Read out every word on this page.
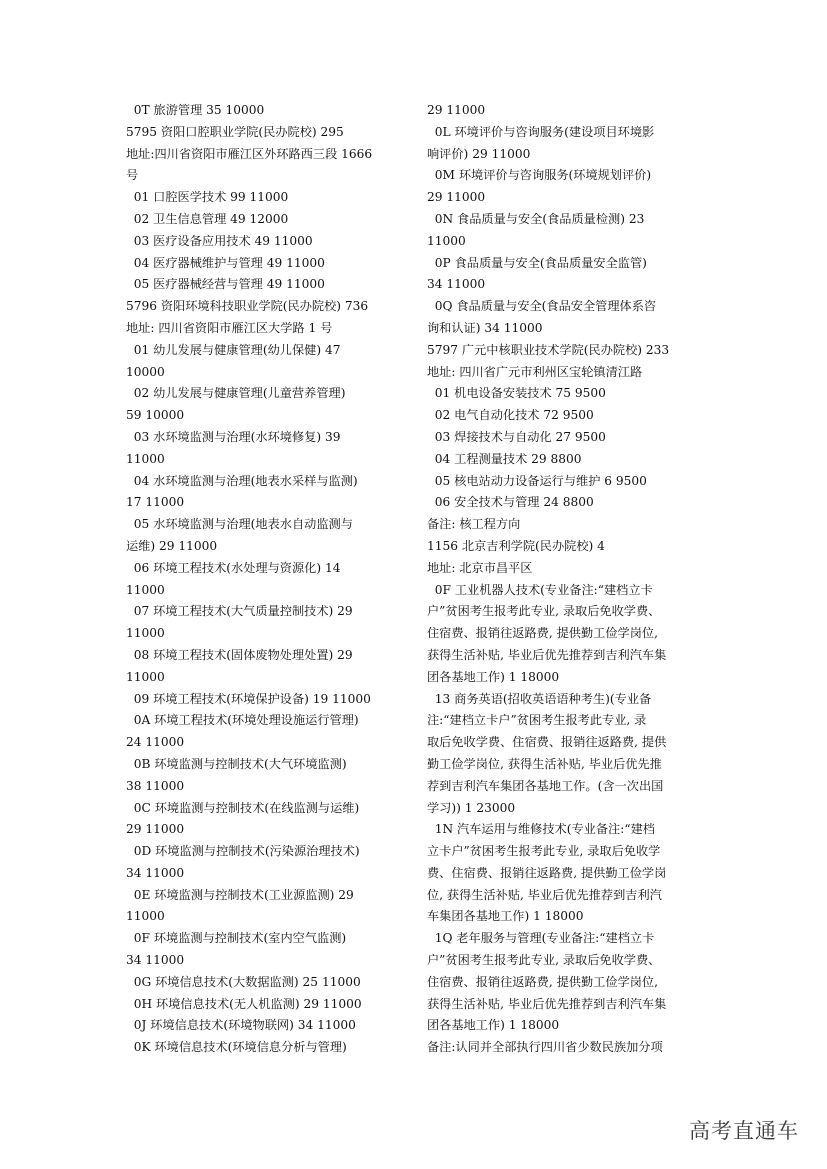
0T 旅游管理 35 10000
5795 资阳口腔职业学院(民办院校) 295
地址:四川省资阳市雁江区外环路西三段 1666
号
01 口腔医学技术 99 11000
02 卫生信息管理 49 12000
03 医疗设备应用技术 49 11000
04 医疗器械维护与管理 49 11000
05 医疗器械经营与管理 49 11000
5796 资阳环境科技职业学院(民办院校) 736
地址: 四川省资阳市雁江区大学路 1 号
01 幼儿发展与健康管理(幼儿保健) 47
10000
02 幼儿发展与健康管理(儿童营养管理)
59 10000
03 水环境监测与治理(水环境修复) 39
11000
04 水环境监测与治理(地表水采样与监测)
17 11000
05 水环境监测与治理(地表水自动监测与
运维) 29 11000
06 环境工程技术(水处理与资源化) 14
11000
07 环境工程技术(大气质量控制技术) 29
11000
08 环境工程技术(固体废物处理处置) 29
11000
09 环境工程技术(环境保护设备) 19 11000
0A 环境工程技术(环境处理设施运行管理)
24 11000
0B 环境监测与控制技术(大气环境监测)
38 11000
0C 环境监测与控制技术(在线监测与运维)
29 11000
0D 环境监测与控制技术(污染源治理技术)
34 11000
0E 环境监测与控制技术(工业源监测) 29
11000
0F 环境监测与控制技术(室内空气监测)
34 11000
0G 环境信息技术(大数据监测) 25 11000
0H 环境信息技术(无人机监测) 29 11000
0J 环境信息技术(环境物联网) 34 11000
0K 环境信息技术(环境信息分析与管理)
29 11000
0L 环境评价与咨询服务(建设项目环境影
响评价) 29 11000
0M 环境评价与咨询服务(环境规划评价)
29 11000
0N 食品质量与安全(食品质量检测) 23
11000
0P 食品质量与安全(食品质量安全监管)
34 11000
0Q 食品质量与安全(食品安全管理体系咨
询和认证) 34 11000
5797 广元中核职业技术学院(民办院校) 233
地址: 四川省广元市利州区宝轮镇清江路
01 机电设备安装技术 75 9500
02 电气自动化技术 72 9500
03 焊接技术与自动化 27 9500
04 工程测量技术 29 8800
05 核电站动力设备运行与维护 6 9500
06 安全技术与管理 24 8800
备注: 核工程方向
1156 北京吉利学院(民办院校) 4
地址: 北京市昌平区
0F 工业机器人技术(专业备注:“建档立卡
户”贫困考生报考此专业, 录取后免收学费、
住宿费、报销往返路费, 提供勤工俭学岗位,
获得生活补贴, 毕业后优先推荐到吉利汽车集
团各基地工作) 1 18000
13 商务英语(招收英语语种考生)(专业备
注:“建档立卡户”贫困考生报考此专业, 录
取后免收学费、住宿费、报销往返路费, 提供
勤工俭学岗位, 获得生活补贴, 毕业后优先推
荐到吉利汽车集团各基地工作。(含一次出国
学习)) 1 23000
1N 汽车运用与维修技术(专业备注:“建档
立卡户”贫困考生报考此专业, 录取后免收学
费、住宿费、报销往返路费, 提供勤工俭学岗
位, 获得生活补贴, 毕业后优先推荐到吉利汽
车集团各基地工作) 1 18000
1Q 老年服务与管理(专业备注:“建档立卡
户”贫困考生报考此专业, 录取后免收学费、
住宿费、报销往返路费, 提供勤工俭学岗位,
获得生活补贴, 毕业后优先推荐到吉利汽车集
团各基地工作) 1 18000
备注:认同并全部执行四川省少数民族加分项
高考直通车
